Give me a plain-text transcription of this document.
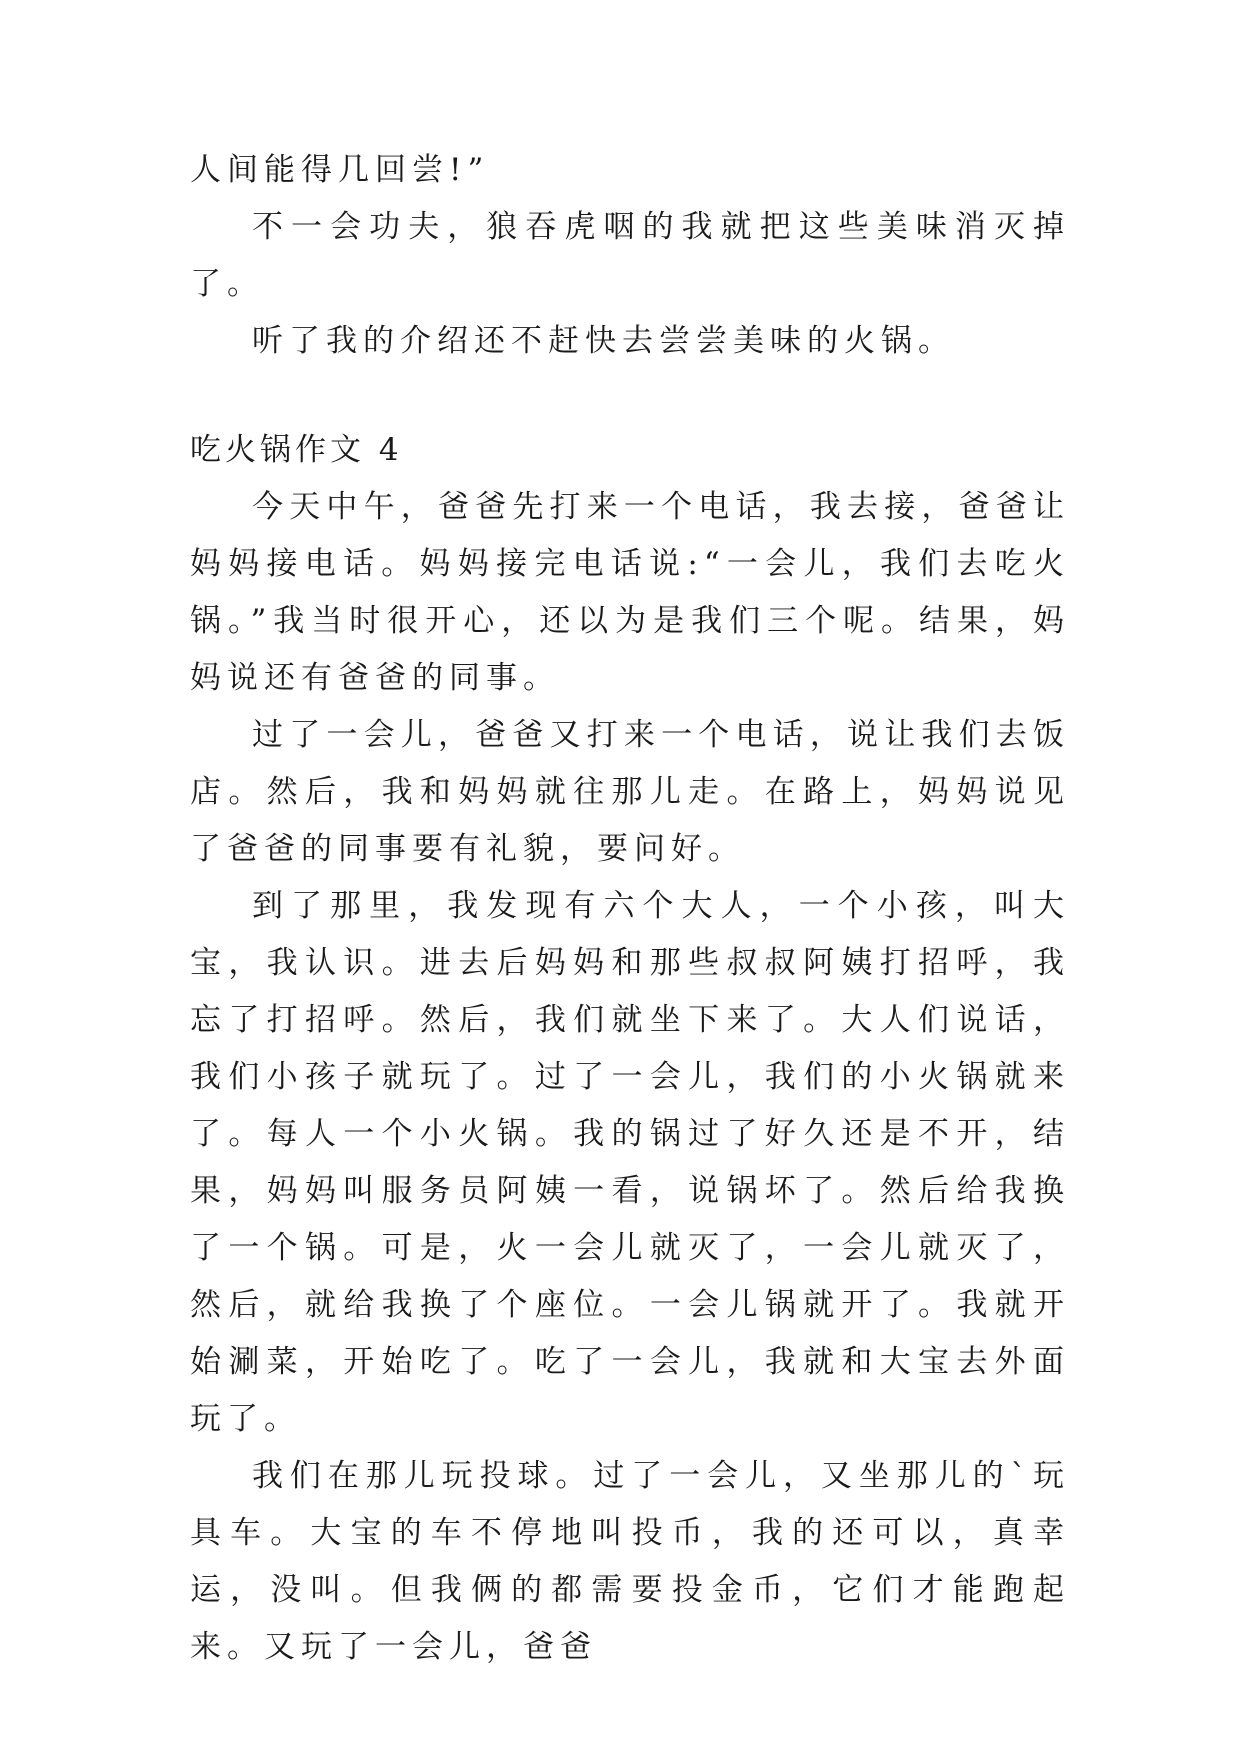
人间能得几回尝!”

不一会功夫，狼吞虎咽的我就把这些美味消灭掉了。

听了我的介绍还不赶快去尝尝美味的火锅。

吃火锅作文 4

今天中午，爸爸先打来一个电话，我去接，爸爸让妈妈接电话。妈妈接完电话说:“一会儿，我们去吃火锅。”我当时很开心，还以为是我们三个呢。结果，妈妈说还有爸爸的同事。

过了一会儿，爸爸又打来一个电话，说让我们去饭店。然后，我和妈妈就往那儿走。在路上，妈妈说见了爸爸的同事要有礼貌，要问好。

到了那里，我发现有六个大人，一个小孩，叫大宝，我认识。进去后妈妈和那些叔叔阿姨打招呼，我忘了打招呼。然后，我们就坐下来了。大人们说话，我们小孩子就玩了。过了一会儿，我们的小火锅就来了。每人一个小火锅。我的锅过了好久还是不开，结果，妈妈叫服务员阿姨一看，说锅坏了。然后给我换了一个锅。可是，火一会儿就灭了，一会儿就灭了，然后，就给我换了个座位。一会儿锅就开了。我就开始涮菜，开始吃了。吃了一会儿，我就和大宝去外面玩了。

我们在那儿玩投球。过了一会儿，又坐那儿的`玩具车。大宝的车不停地叫投币，我的还可以，真幸运，没叫。但我俩的都需要投金币，它们才能跑起来。又玩了一会儿，爸爸
